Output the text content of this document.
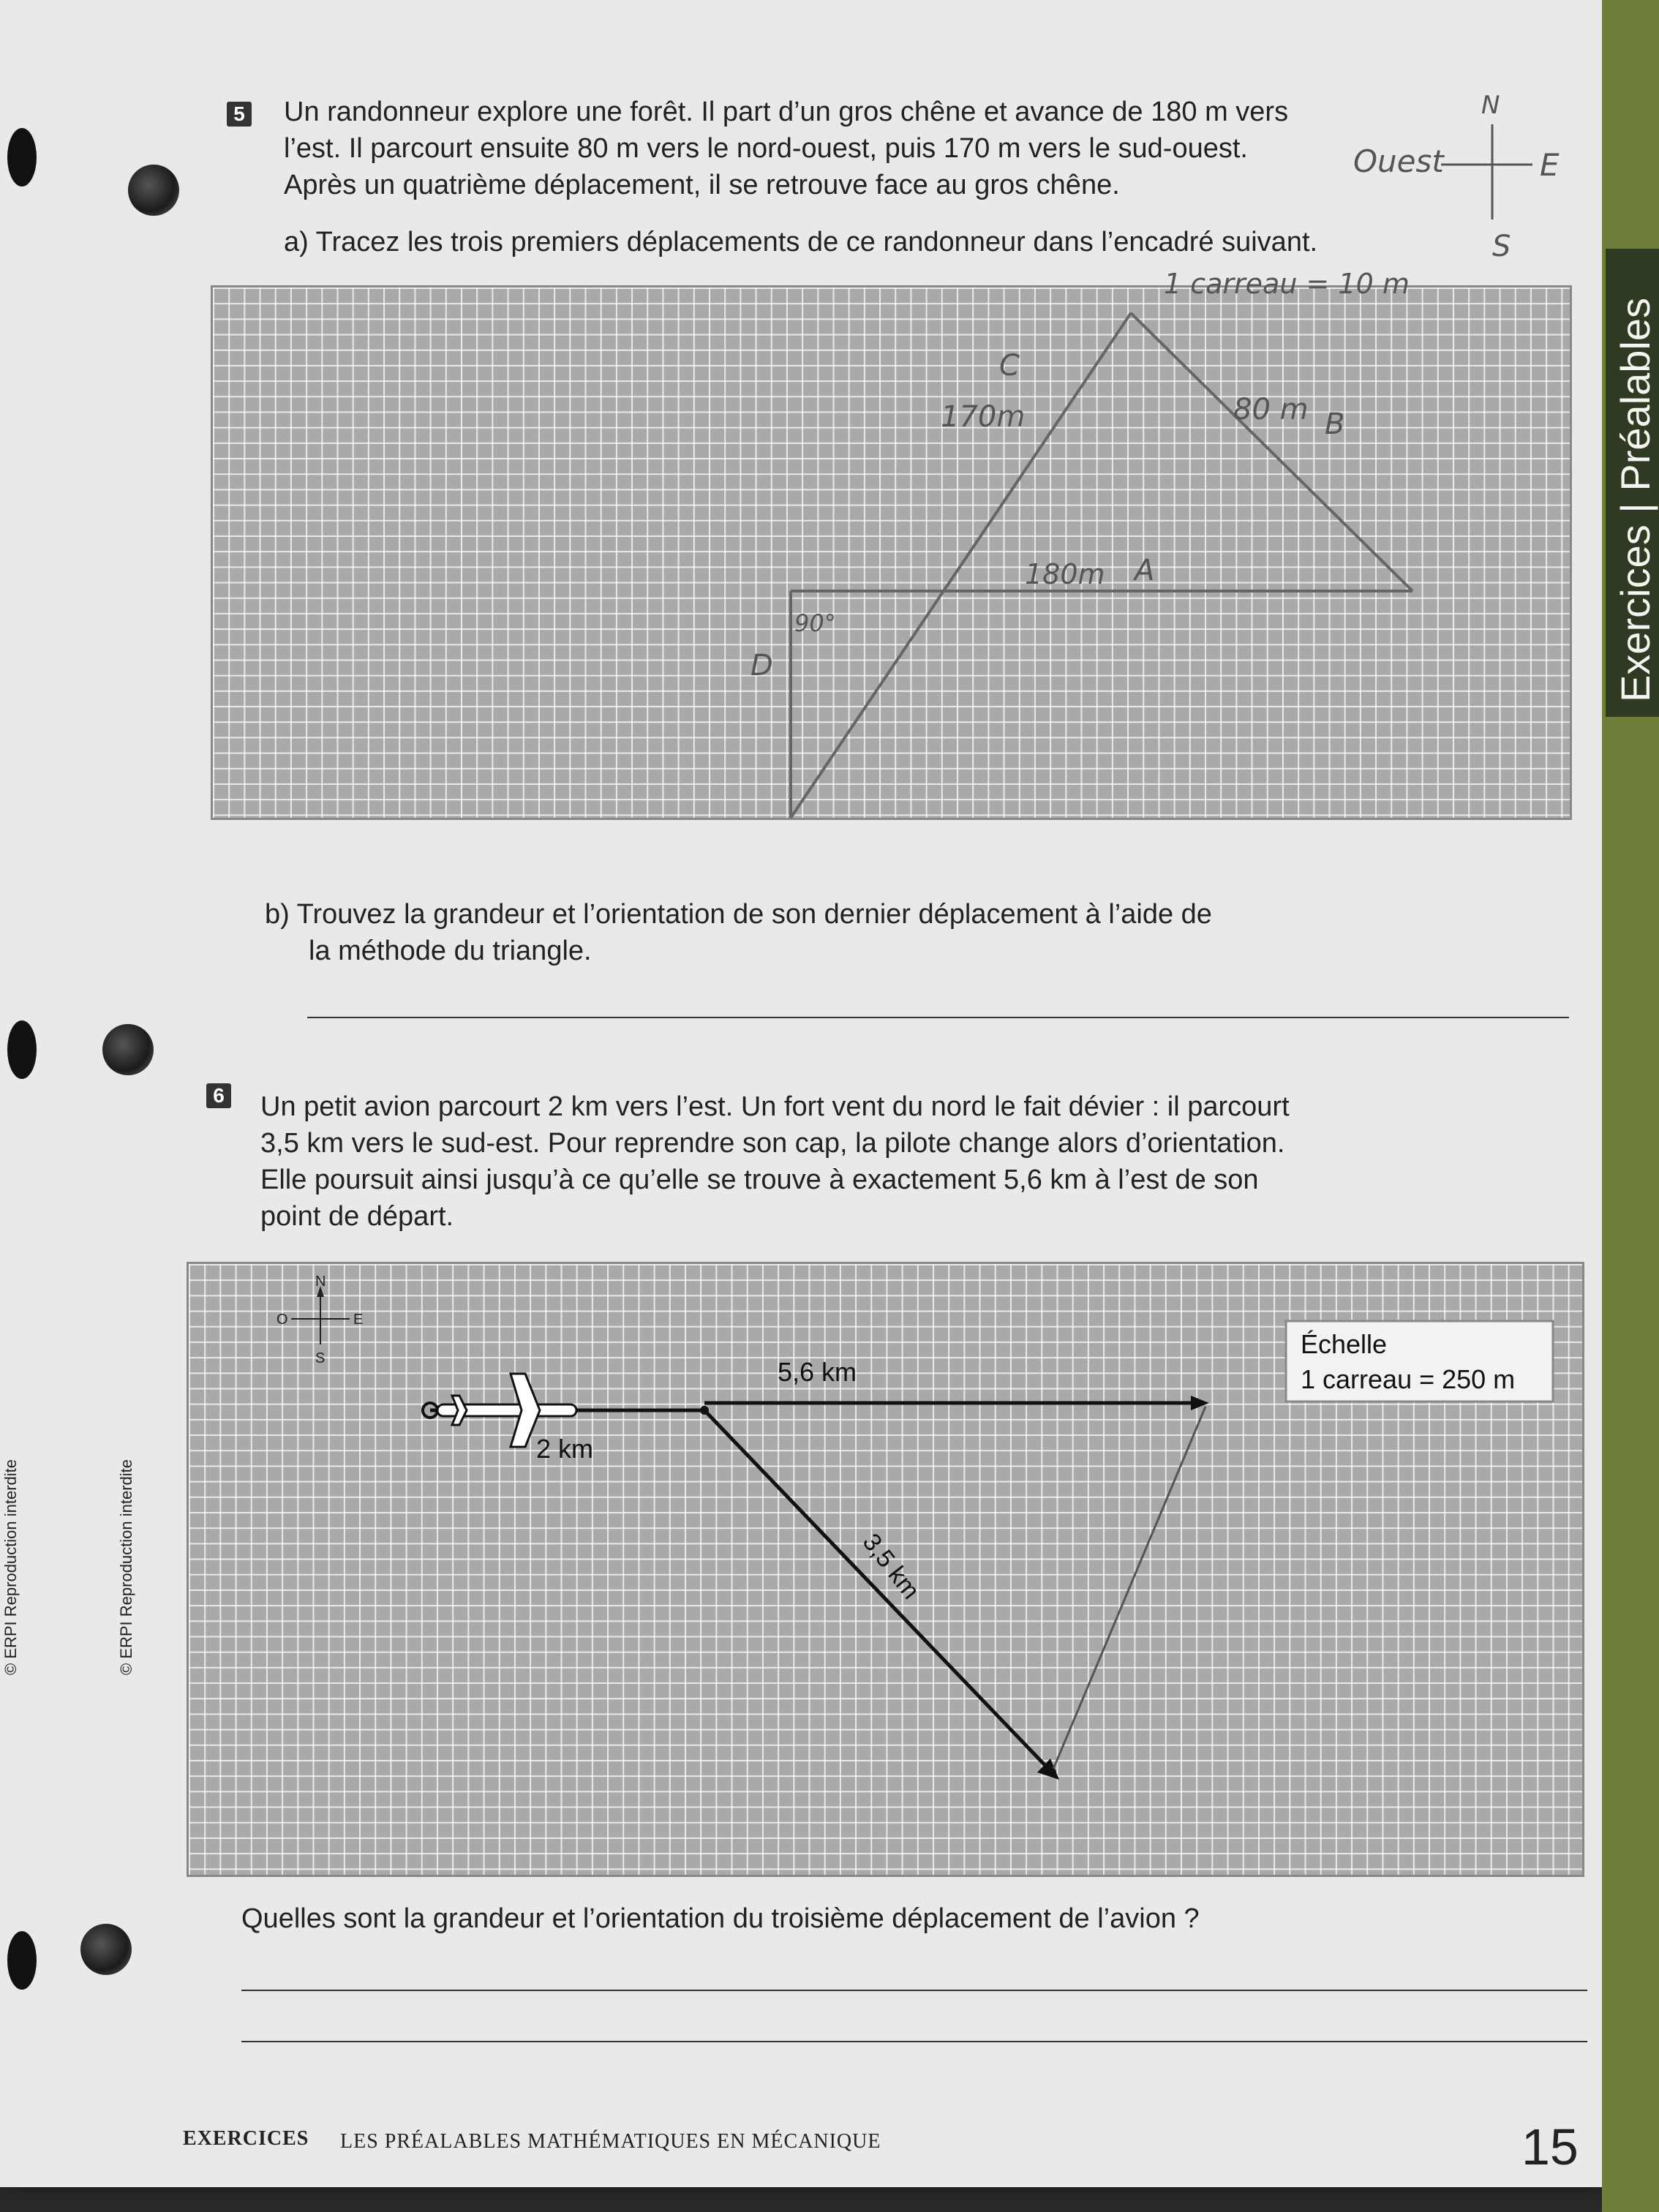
© ERPI Reproduction interdite
© ERPI Reproduction interdite
5 Un randonneur explore une forêt. Il part d’un gros chêne et avance de 180 m vers
l’est. Il parcourt ensuite 80 m vers le nord-ouest, puis 170 m vers le sud-ouest.
Après un quatrième déplacement, il se retrouve face au gros chêne.
a) Tracez les trois premiers déplacements de ce randonneur dans l’encadré suivant.
N
Ouest	E
S
1 carreau = 10 m
170m
C
80 m B
180m A
90°
D
b) Trouvez la grandeur et l’orientation de son dernier déplacement à l’aide de
la méthode du triangle.
6 Un petit avion parcourt 2 km vers l’est. Un fort vent du nord le fait dévier : il parcourt
3,5 km vers le sud-est. Pour reprendre son cap, la pilote change alors d’orientation.
Elle poursuit ainsi jusqu’à ce qu’elle se trouve à exactement 5,6 km à l’est de son
point de départ.
N
O	E
S	5,6 km
2 km
3,5 km
Échelle
1 carreau = 250 m
Quelles sont la grandeur et l’orientation du troisième déplacement de l’avion ?
EXERCICES LES PRÉALABLES MATHÉMATIQUES EN MÉCANIQUE	15
Exercices | Préalables
